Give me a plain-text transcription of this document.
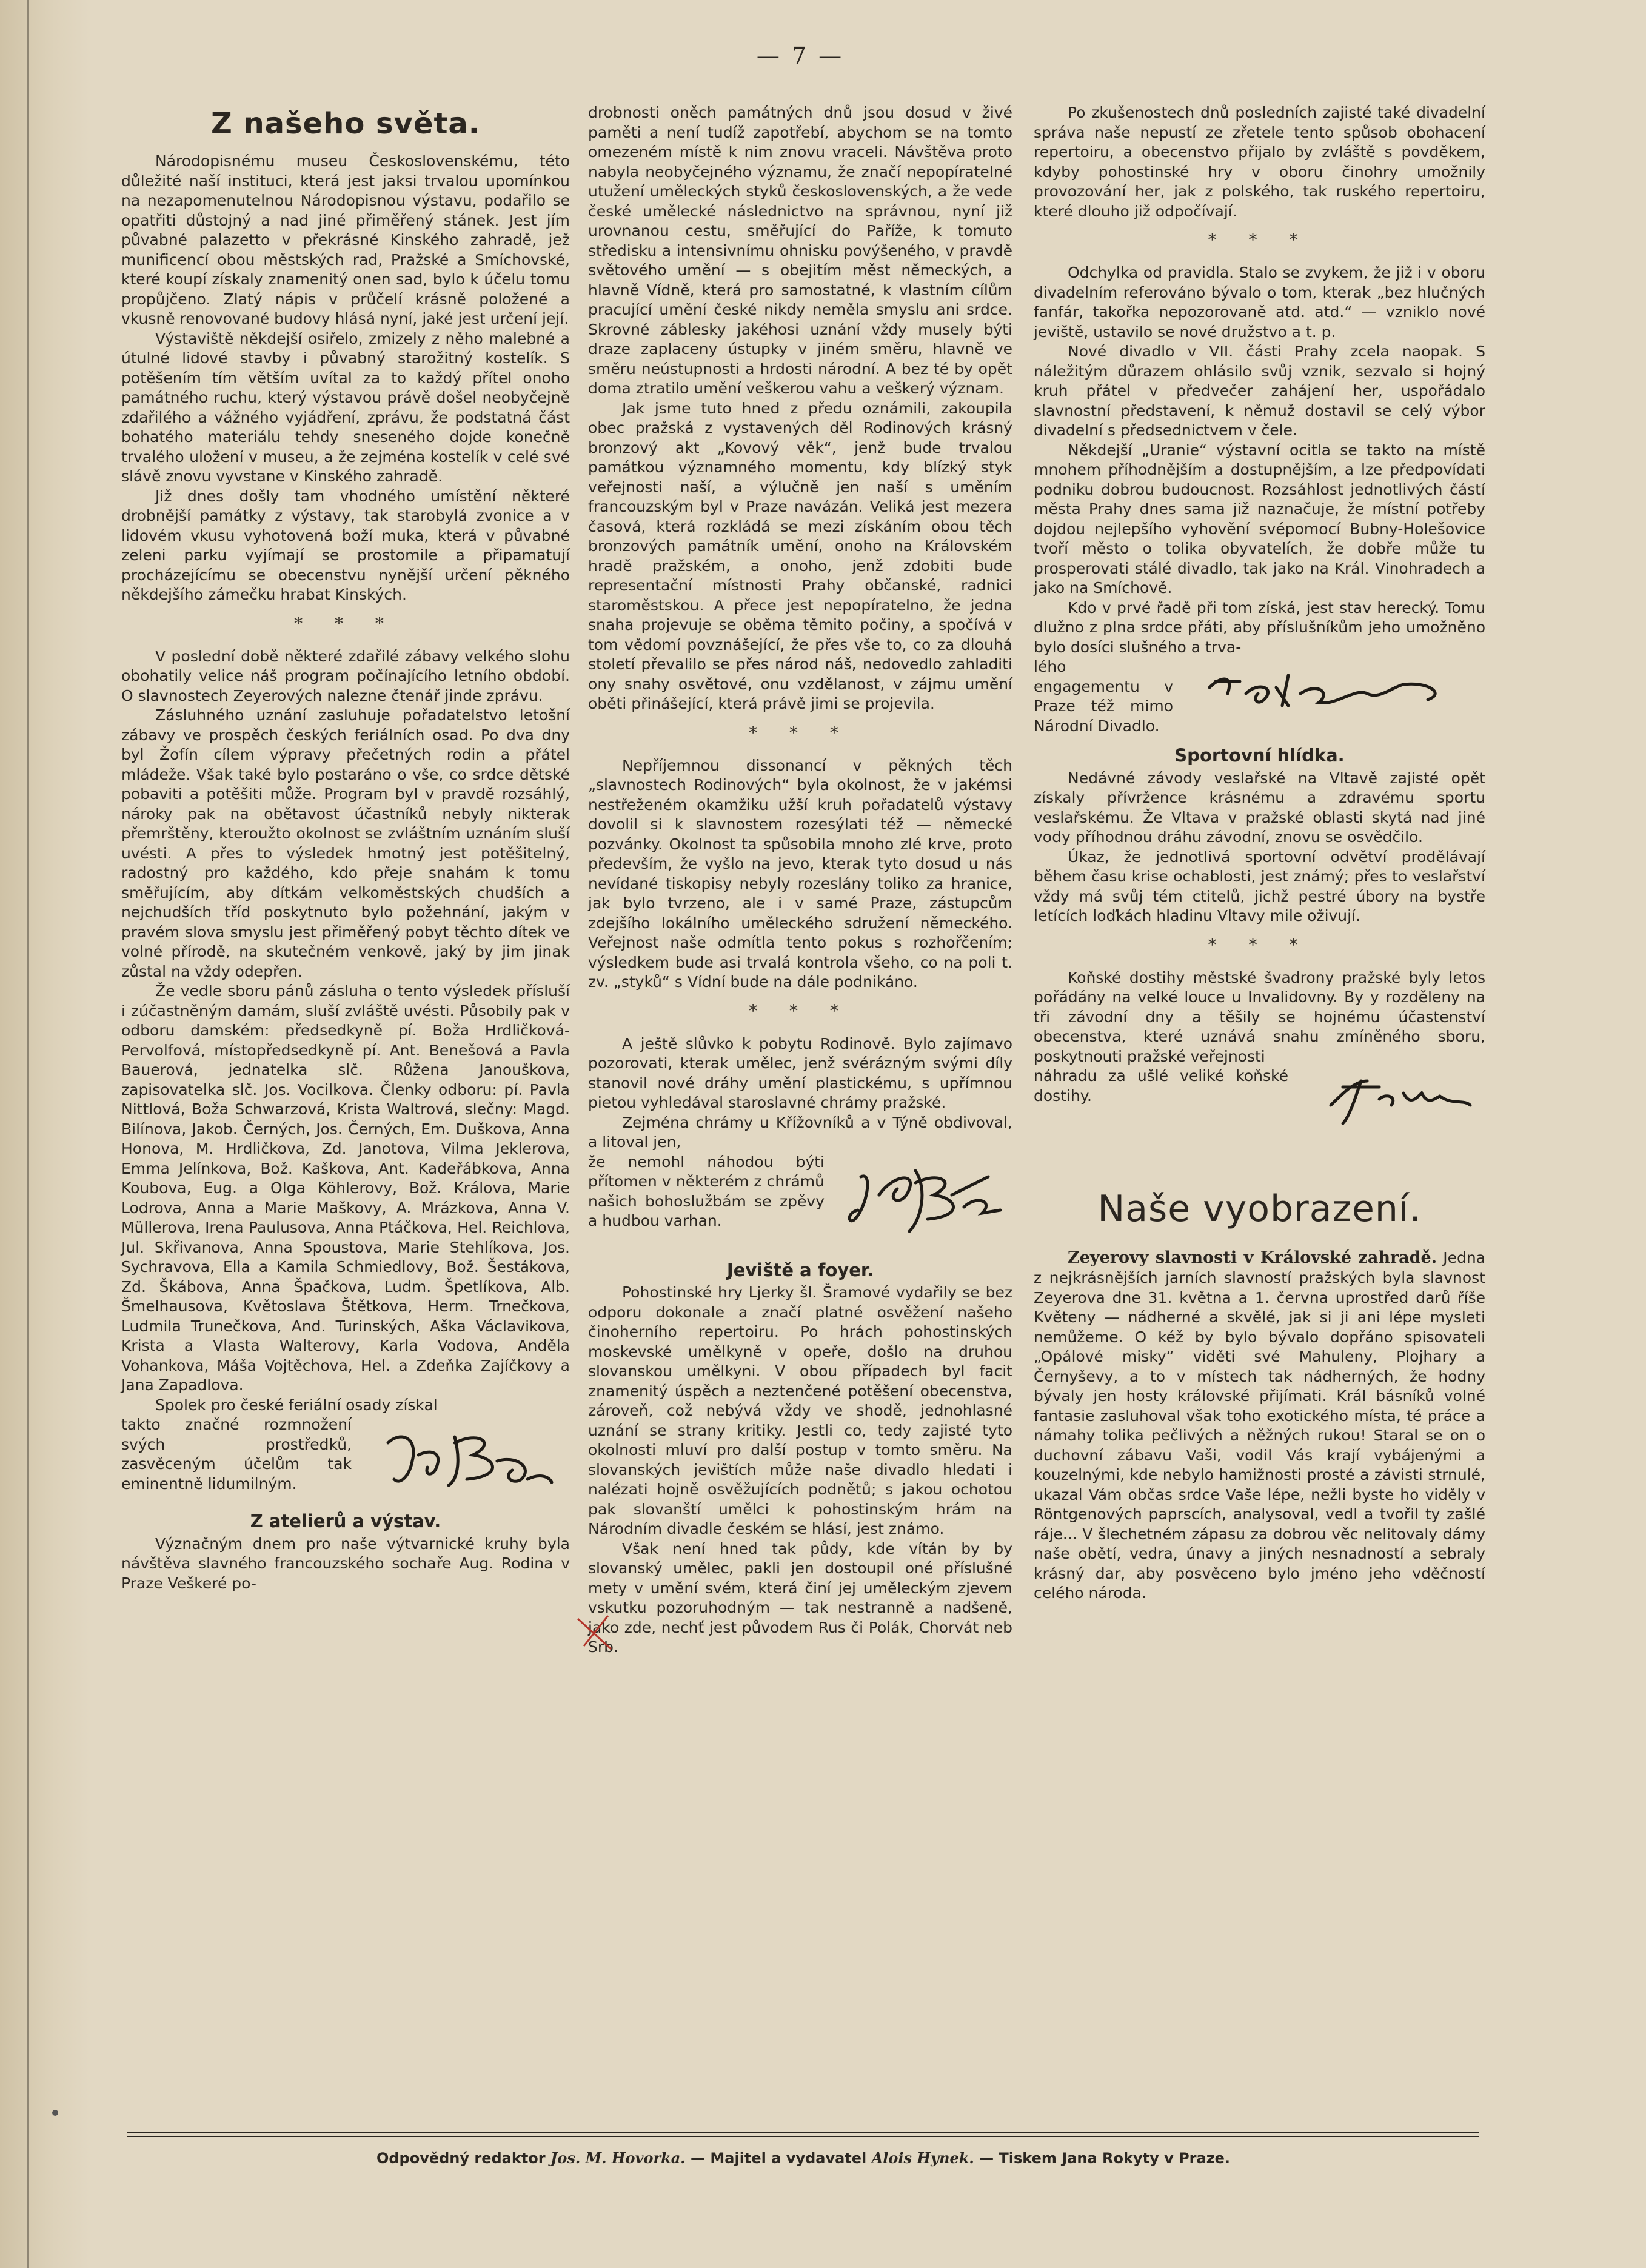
— 7 —
Z našeho světa.

Národopisnému museu Československému, této důležité naší instituci, která jest jaksi trvalou upomínkou na nezapomenutelnou Národopisnou výstavu, podařilo se opatřiti důstojný a nad jiné přiměřený stánek. Jest jím půvabné palazetto v překrásné Kinského zahradě, jež munificencí obou městských rad, Pražské a Smíchovské, které koupí získaly znamenitý onen sad, bylo k účelu tomu propůjčeno. Zlatý nápis v průčelí krásně položené a vkusně renovované budovy hlásá nyní, jaké jest určení její.

Výstaviště někdejší osiřelo, zmizely z něho malebné a útulné lidové stavby i půvabný starožitný kostelík. S potěšením tím větším uvítal za to každý přítel onoho památného ruchu, který výstavou právě došel neobyčejně zdařilého a vážného vyjádření, zprávu, že podstatná část bohatého materiálu tehdy sneseného dojde konečně trvalého uložení v museu, a že zejména kostelík v celé své slávě znovu vyvstane v Kinského zahradě.

Již dnes došly tam vhodného umístění některé drobnější památky z výstavy, tak starobylá zvonice a v lidovém vkusu vyhotovená boží muka, která v půvabné zeleni parku vyjímají se prostomile a připamatují procházejícímu se obecenstvu nynější určení pěkného někdejšího zámečku hrabat Kinských.

* * *

V poslední době některé zdařilé zábavy velkého slohu obohatily velice náš program počínajícího letního období. O slavnostech Zeyerových nalezne čtenář jinde zprávu.

Zásluhného uznání zasluhuje pořadatelstvo letošní zábavy ve prospěch českých feriálních osad. Po dva dny byl Žofín cílem výpravy přečetných rodin a přátel mládeže. Však také bylo postaráno o vše, co srdce dětské pobaviti a potěšiti může. Program byl v pravdě rozsáhlý, nároky pak na obětavost účastníků nebyly nikterak přemrštěny, kteroužto okolnost se zvláštním uznáním sluší uvésti. A přes to výsledek hmotný jest potěšitelný, radostný pro každého, kdo přeje snahám k tomu směřujícím, aby dítkám velkoměstských chudších a nejchudších tříd poskytnuto bylo požehnání, jakým v pravém slova smyslu jest přiměřený pobyt těchto dítek ve volné přírodě, na skutečném venkově, jaký by jim jinak zůstal na vždy odepřen.

Že vedle sboru pánů zásluha o tento výsledek přísluší i zúčastněným damám, sluší zvláště uvésti. Působily pak v odboru damském: předsedkyně pí. Boža Hrdličková-Pervolfová, místopředsedkyně pí. Ant. Benešová a Pavla Bauerová, jednatelka slč. Růžena Janouškova, zapisovatelka slč. Jos. Vocilkova. Členky odboru: pí. Pavla Nittlová, Boža Schwarzová, Krista Waltrová, slečny: Magd. Bilínova, Jakob. Černých, Jos. Černých, Em. Duškova, Anna Honova, M. Hrdličkova, Zd. Janotova, Vilma Jeklerova, Emma Jelínkova, Bož. Kaškova, Ant. Kadeřábkova, Anna Koubova, Eug. a Olga Köhlerovy, Bož. Králova, Marie Lodrova, Anna a Marie Maškovy, A. Mrázkova, Anna V. Müllerova, Irena Paulusova, Anna Ptáčkova, Hel. Reichlova, Jul. Skřivanova, Anna Spoustova, Marie Stehlíkova, Jos. Sychravova, Ella a Kamila Schmiedlovy, Bož. Šestákova, Zd. Škábova, Anna Špačkova, Ludm. Špetlíkova, Alb. Šmelhausova, Květoslava Štětkova, Herm. Trnečkova, Ludmila Trunečkova, And. Turinských, Aška Václavikova, Krista a Vlasta Walterovy, Karla Vodova, Anděla Vohankova, Máša Vojtěchova, Hel. a Zdeňka Zajíčkovy a Jana Zapadlova.

Spolek pro české feriální osady získal

takto značné rozmnožení svých prostředků, zasvěceným účelům tak eminentně lidumilným.
Jos. Bor
Z atelierů a výstav.

Význačným dnem pro naše výtvarnické kruhy byla návštěva slavného francouzského sochaře Aug. Rodina v Praze Veškeré po-

drobnosti oněch památných dnů jsou dosud v živé paměti a není tudíž zapotřebí, abychom se na tomto omezeném místě k nim znovu vraceli. Návštěva proto nabyla neobyčejného významu, že značí nepopíratelné utužení uměleckých styků československých, a že vede české umělecké následnictvo na správnou, nyní již urovnanou cestu, směřující do Paříže, k tomuto středisku a intensivnímu ohnisku povýšeného, v pravdě světového umění — s obejitím měst německých, a hlavně Vídně, která pro samostatné, k vlastním cílům pracující umění české nikdy neměla smyslu ani srdce. Skrovné záblesky jakéhosi uznání vždy musely býti draze zaplaceny ústupky v jiném směru, hlavně ve směru neústupnosti a hrdosti národní. A bez té by opět doma ztratilo umění veškerou vahu a veškerý význam.

Jak jsme tuto hned z předu oznámili, zakoupila obec pražská z vystavených děl Rodinových krásný bronzový akt „Kovový věk“, jenž bude trvalou památkou významného momentu, kdy blízký styk veřejnosti naší, a výlučně jen naší s uměním francouzským byl v Praze navázán. Veliká jest mezera časová, která rozkládá se mezi získáním obou těch bronzových památník umění, onoho na Královském hradě pražském, a onoho, jenž zdobiti bude representační místnosti Prahy občanské, radnici staroměstskou. A přece jest nepopíratelno, že jedna snaha projevuje se oběma těmito počiny, a spočívá v tom vědomí povznášející, že přes vše to, co za dlouhá století převalilo se přes národ náš, nedovedlo zahladiti ony snahy osvětové, onu vzdělanost, v zájmu umění oběti přinášející, která právě jimi se projevila.

* * *

Nepříjemnou dissonancí v pěkných těch „slavnostech Rodinových“ byla okolnost, že v jakémsi nestřeženém okamžiku užší kruh pořadatelů výstavy dovolil si k slavnostem rozesýlati též — německé pozvánky. Okolnost ta spůsobila mnoho zlé krve, proto především, že vyšlo na jevo, kterak tyto dosud u nás nevídané tiskopisy nebyly rozeslány toliko za hranice, jak bylo tvrzeno, ale i v samé Praze, zástupcům zdejšího lokálního uměleckého sdružení německého. Veřejnost naše odmítla tento pokus s rozhořčením; výsledkem bude asi trvalá kontrola všeho, co na poli t. zv. „styků“ s Vídní bude na dále podnikáno.

* * *

A ještě slůvko k pobytu Rodinově. Bylo zajímavo pozorovati, kterak umělec, jenž svérázným svými díly stanovil nové dráhy umění plastickému, s upřímnou pietou vyhledával staroslavné chrámy pražské.

Zejména chrámy u Křížovníků a v Týně obdivoval, a litoval jen,

že nemohl náhodou býti přítomen v některém z chrámů našich bohoslužbám se zpěvy a hudbou varhan.
Jan Ratek
Jeviště a foyer.

Pohostinské hry Ljerky šl. Šramové vydařily se bez odporu dokonale a značí platné osvěžení našeho činoherního repertoiru. Po hrách pohostinských moskevské umělkyně v opeře, došlo na druhou slovanskou umělkyni. V obou případech byl facit znamenitý úspěch a neztenčené potěšení obecenstva, zároveň, což nebývá vždy ve shodě, jednohlasné uznání se strany kritiky. Jestli co, tedy zajisté tyto okolnosti mluví pro další postup v tomto směru. Na slovanských jevištích může naše divadlo hledati i nalézati hojně osvěžujících podnětů; s jakou ochotou pak slovanští umělci k pohostinským hrám na Národním divadle českém se hlásí, jest známo.

Však není hned tak půdy, kde vítán by by slovanský umělec, pakli jen dostoupil oné příslušné mety v umění svém, která činí jej uměleckým zjevem vskutku pozoruhodným — tak nestranně a nadšeně, jako zde, nechť jest původem Rus či Polák, Chorvát neb Srb.

Po zkušenostech dnů posledních zajisté také divadelní správa naše nepustí ze zřetele tento spůsob obohacení repertoiru, a obecenstvo přijalo by zvláště s povděkem, kdyby pohostinské hry v oboru činohry umožnily provozování her, jak z polského, tak ruského repertoiru, které dlouho již odpočívají.

* * *

Odchylka od pravidla. Stalo se zvykem, že již i v oboru divadelním referováno bývalo o tom, kterak „bez hlučných fanfár, takořka nepozorovaně atd. atd.“ — vzniklo nové jeviště, ustavilo se nové družstvo a t. p.

Nové divadlo v VII. části Prahy zcela naopak. S náležitým důrazem ohlásilo svůj vznik, sezvalo si hojný kruh přátel v předvečer zahájení her, uspořádalo slavnostní představení, k němuž dostavil se celý výbor divadelní s předsednictvem v čele.

Někdejší „Uranie“ výstavní ocitla se takto na místě mnohem příhodnějším a dostupnějším, a lze předpovídati podniku dobrou budoucnost. Rozsáhlost jednotlivých částí města Prahy dnes sama již naznačuje, že místní potřeby dojdou nejlepšího vyhovění svépomocí Bubny-Holešovice tvoří město o tolika obyvatelích, že dobře může tu prosperovati stálé divadlo, tak jako na Král. Vinohradech a jako na Smíchově.

Kdo v prvé řadě při tom získá, jest stav herecký. Tomu dlužno z plna srdce přáti, aby příslušníkům jeho umožněno bylo dosíci slušného a trva-

lého engagementu v Praze též mimo Národní Divadlo.	Fr. Kazimír
Sportovní hlídka.

Nedávné závody veslařské na Vltavě zajisté opět získaly přívržence krásnému a zdravému sportu veslařskému. Že Vltava v pražské oblasti skytá nad jiné vody příhodnou dráhu závodní, znovu se osvědčilo.

Úkaz, že jednotlivá sportovní odvětví prodělávají během času krise ochablosti, jest známý; přes to veslařství vždy má svůj tém ctitelů, jichž pestré úbory na bystře letících loďkách hladinu Vltavy mile oživují.

* * *

Koňské dostihy městské švadrony pražské byly letos pořádány na velké louce u Invalidovny. By y rozděleny na tři závodní dny a těšily se hojnému účastenství obecenstva, které uznává snahu zmíněného sboru, poskytnouti pražské veřejnosti

náhradu za ušlé veliké koňské dostihy.
Amateur
Naše vyobrazení.

Zeyerovy slavnosti v Královské zahradě. Jedna z nejkrásnějších jarních slavností pražských byla slavnost Zeyerova dne 31. května a 1. června uprostřed darů říše Květeny — nádherné a skvělé, jak si ji ani lépe mysleti nemůžeme. O kéž by bylo bývalo dopřáno spisovateli „Opálové misky“ viděti své Mahuleny, Plojhary a Černyševy, a to v místech tak nádherných, že hodny bývaly jen hosty královské přijímati. Král básníků volné fantasie zasluhoval však toho exotického místa, té práce a námahy tolika pečlivých a něžných rukou! Staral se on o duchovní zábavu Vaši, vodil Vás krají vybájenými a kouzelnými, kde nebylo hamižnosti prosté a závisti strnulé, ukazal Vám občas srdce Vaše lépe, nežli byste ho viděly v Röntgenových paprscích, analysoval, vedl a tvořil ty zašlé ráje... V šlechetném zápasu za dobrou věc nelitovaly dámy naše obětí, vedra, únavy a jiných nesnadností a sebraly krásný dar, aby posvěceno bylo jméno jeho vděčností celého národa.

Odpovědný redaktor Jos. M. Hovorka. — Majitel a vydavatel Alois Hynek. — Tiskem Jana Rokyty v Praze.
